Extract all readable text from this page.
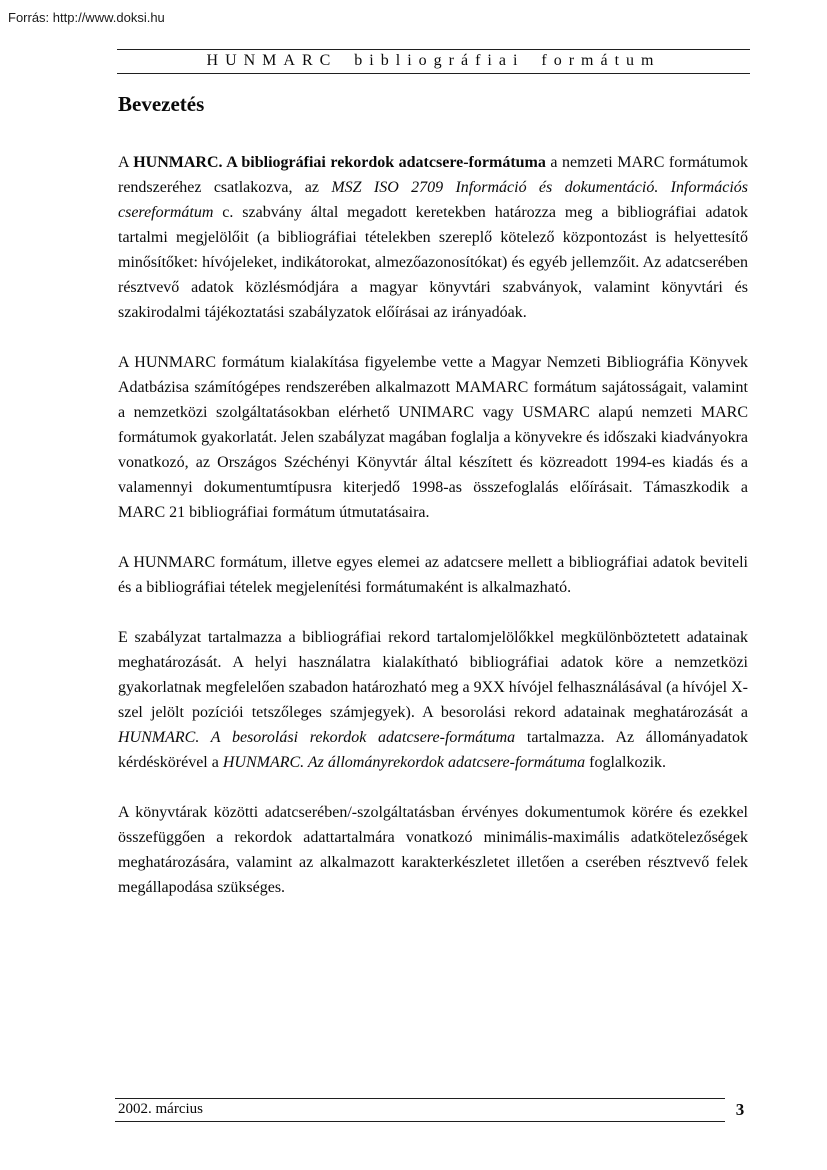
Forrás: http://www.doksi.hu
HUNMARC bibliográfiai formátum
Bevezetés

A HUNMARC. A bibliográfiai rekordok adatcsere-formátuma a nemzeti MARC formátumok rendszeréhez csatlakozva, az MSZ ISO 2709 Információ és dokumentáció. Információs csereformátum c. szabvány által megadott keretekben határozza meg a bibliográfiai adatok tartalmi megjelölőit (a bibliográfiai tételekben szereplő kötelező központozást is helyettesítő minősítőket: hívójeleket, indikátorokat, almezőazonosítókat) és egyéb jellemzőit. Az adatcserében résztvevő adatok közlésmódjára a magyar könyvtári szabványok, valamint könyvtári és szakirodalmi tájékoztatási szabályzatok előírásai az irányadóak.

A HUNMARC formátum kialakítása figyelembe vette a Magyar Nemzeti Bibliográfia Könyvek Adatbázisa számítógépes rendszerében alkalmazott MAMARC formátum sajátosságait, valamint a nemzetközi szolgáltatásokban elérhető UNIMARC vagy USMARC alapú nemzeti MARC formátumok gyakorlatát. Jelen szabályzat magában foglalja a könyvekre és időszaki kiadványokra vonatkozó, az Országos Széchényi Könyvtár által készített és közreadott 1994-es kiadás és a valamennyi dokumentumtípusra kiterjedő 1998-as összefoglalás előírásait. Támaszkodik a MARC 21 bibliográfiai formátum útmutatásaira.

A HUNMARC formátum, illetve egyes elemei az adatcsere mellett a bibliográfiai adatok beviteli és a bibliográfiai tételek megjelenítési formátumaként is alkalmazható.

E szabályzat tartalmazza a bibliográfiai rekord tartalomjelölőkkel megkülönböztetett adatainak meghatározását. A helyi használatra kialakítható bibliográfiai adatok köre a nemzetközi gyakorlatnak megfelelően szabadon határozható meg a 9XX hívójel felhasználásával (a hívójel X-szel jelölt pozíciói tetszőleges számjegyek). A besorolási rekord adatainak meghatározását a HUNMARC. A besorolási rekordok adatcsere-formátuma tartalmazza. Az állományadatok kérdéskörével a HUNMARC. Az állományrekordok adatcsere-formátuma foglalkozik.

A könyvtárak közötti adatcserében/-szolgáltatásban érvényes dokumentumok körére és ezekkel összefüggően a rekordok adattartalmára vonatkozó minimális-maximális adatkötelezőségek meghatározására, valamint az alkalmazott karakterkészletet illetően a cserében résztvevő felek megállapodása szükséges.

2002. március	3
